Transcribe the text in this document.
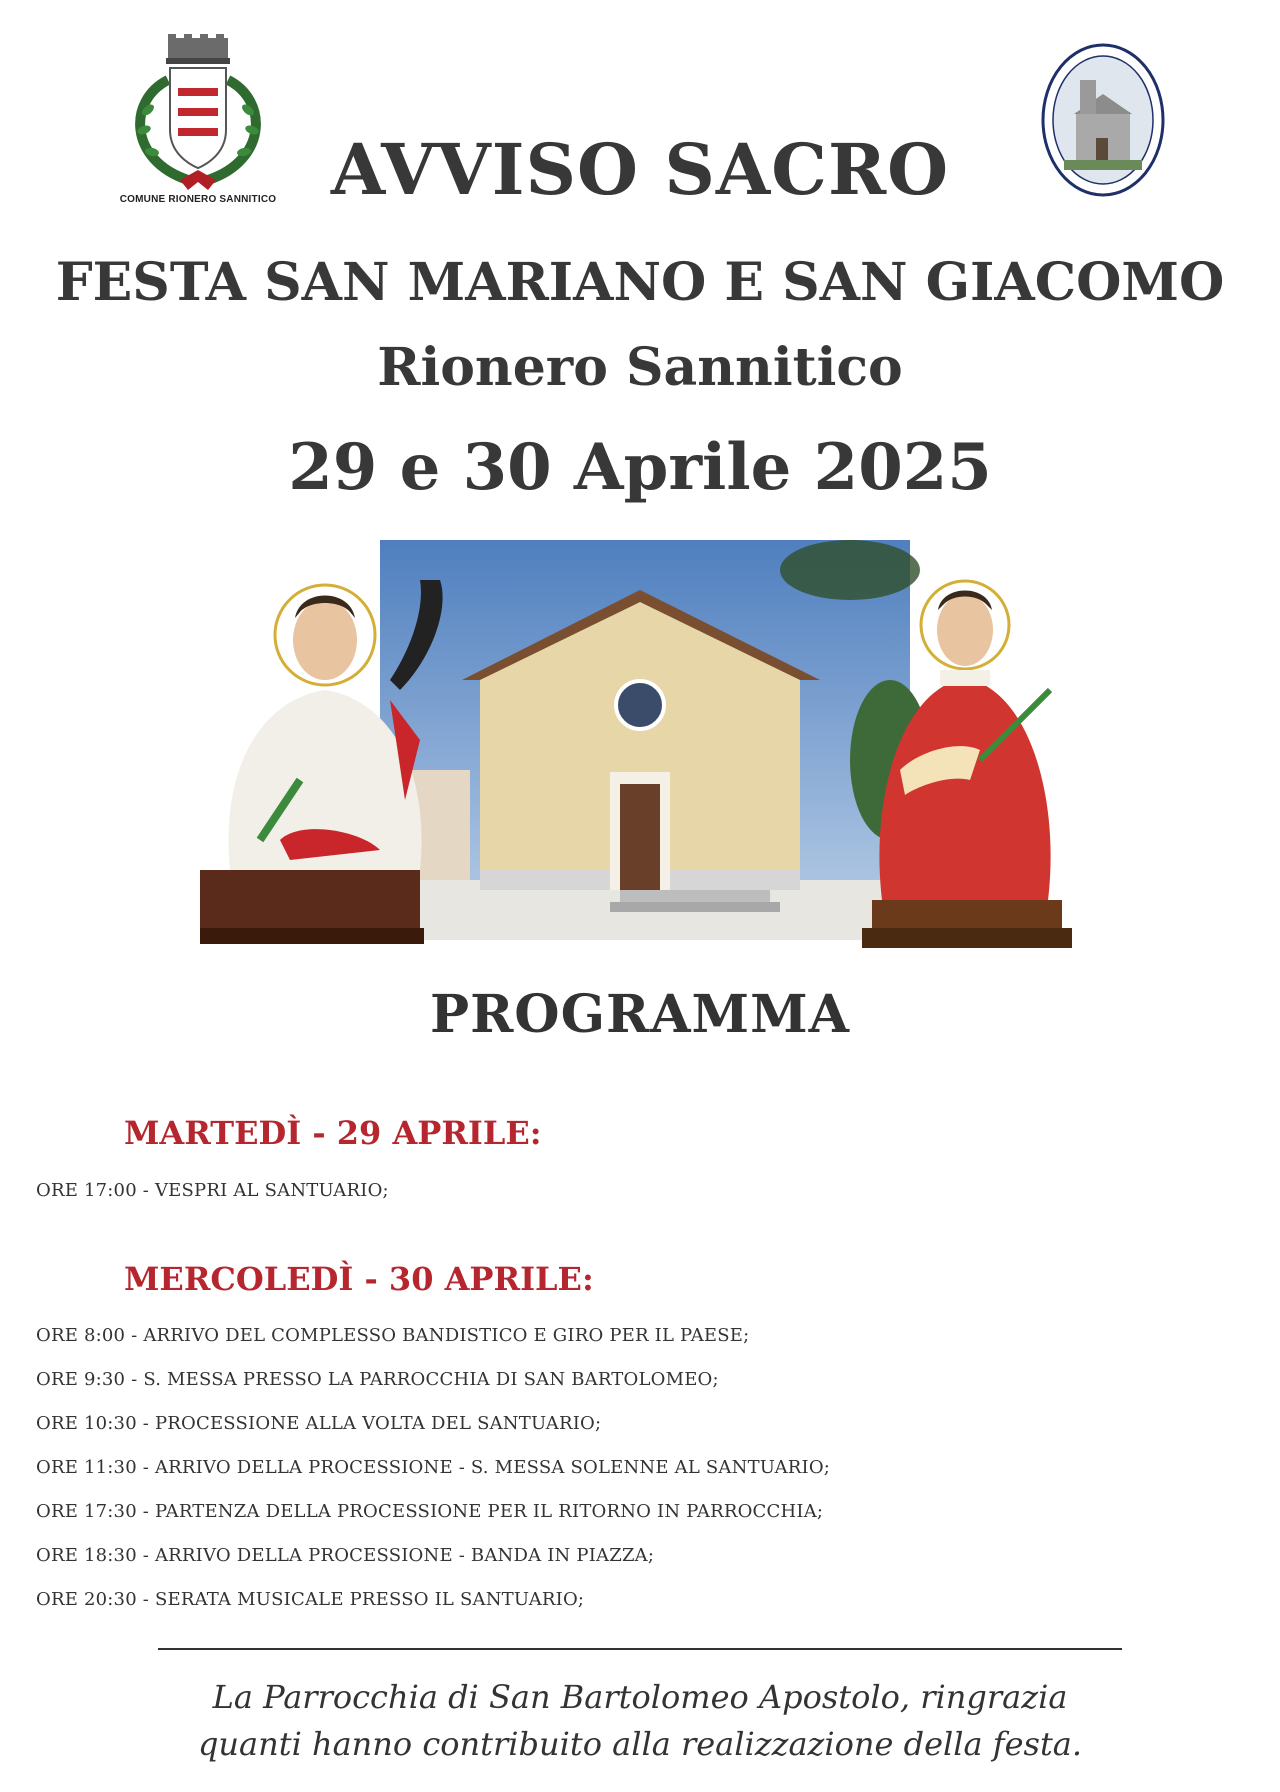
COMUNE RIONERO SANNITICO AVVISO SACRO
FESTA SAN MARIANO E SAN GIACOMO
Rionero Sannitico
29 e 30 Aprile 2025
PROGRAMMA
MARTEDÌ - 29 APRILE:
ORE 17:00 - VESPRI AL SANTUARIO;
MERCOLEDÌ - 30 APRILE:
ORE 8:00 - ARRIVO DEL COMPLESSO BANDISTICO E GIRO PER IL PAESE;
ORE 9:30 - S. MESSA PRESSO LA PARROCCHIA DI SAN BARTOLOMEO;
ORE 10:30 - PROCESSIONE ALLA VOLTA DEL SANTUARIO;
ORE 11:30 - ARRIVO DELLA PROCESSIONE - S. MESSA SOLENNE AL SANTUARIO;
ORE 17:30 - PARTENZA DELLA PROCESSIONE PER IL RITORNO IN PARROCCHIA;
ORE 18:30 - ARRIVO DELLA PROCESSIONE - BANDA IN PIAZZA;
ORE 20:30 - SERATA MUSICALE PRESSO IL SANTUARIO;
La Parrocchia di San Bartolomeo Apostolo, ringrazia
quanti hanno contribuito alla realizzazione della festa.
